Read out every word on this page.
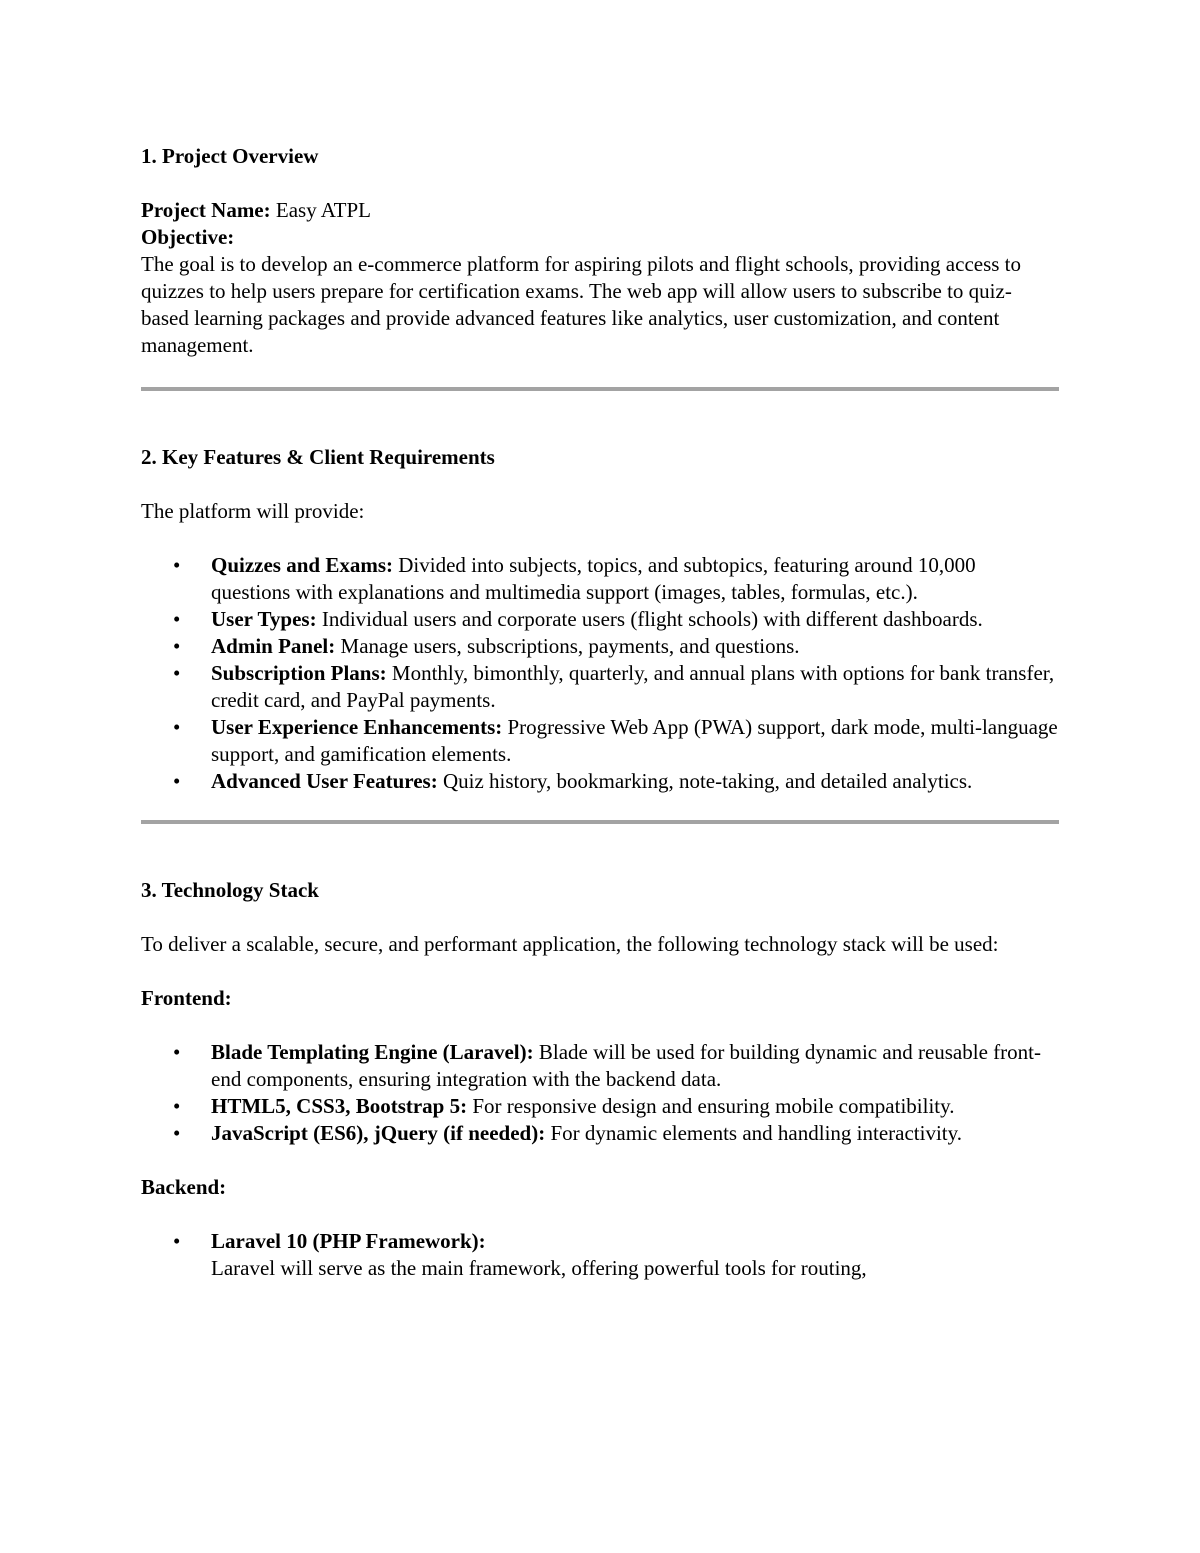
1. Project Overview

Project Name: Easy ATPL

Objective:

The goal is to develop an e-commerce platform for aspiring pilots and flight schools, providing access to quizzes to help users prepare for certification exams. The web app will allow users to subscribe to quiz-based learning packages and provide advanced features like analytics, user customization, and content management.

2. Key Features & Client Requirements

The platform will provide:

• Quizzes and Exams: Divided into subjects, topics, and subtopics, featuring around 10,000 questions with explanations and multimedia support (images, tables, formulas, etc.).
• User Types: Individual users and corporate users (flight schools) with different dashboards.
• Admin Panel: Manage users, subscriptions, payments, and questions.
• Subscription Plans: Monthly, bimonthly, quarterly, and annual plans with options for bank transfer, credit card, and PayPal payments.
• User Experience Enhancements: Progressive Web App (PWA) support, dark mode, multi-language support, and gamification elements.
• Advanced User Features: Quiz history, bookmarking, note-taking, and detailed analytics.

3. Technology Stack

To deliver a scalable, secure, and performant application, the following technology stack will be used:

Frontend:

• Blade Templating Engine (Laravel): Blade will be used for building dynamic and reusable front-end components, ensuring integration with the backend data.
• HTML5, CSS3, Bootstrap 5: For responsive design and ensuring mobile compatibility.
• JavaScript (ES6), jQuery (if needed): For dynamic elements and handling interactivity.

Backend:

• Laravel 10 (PHP Framework):
Laravel will serve as the main framework, offering powerful tools for routing,
